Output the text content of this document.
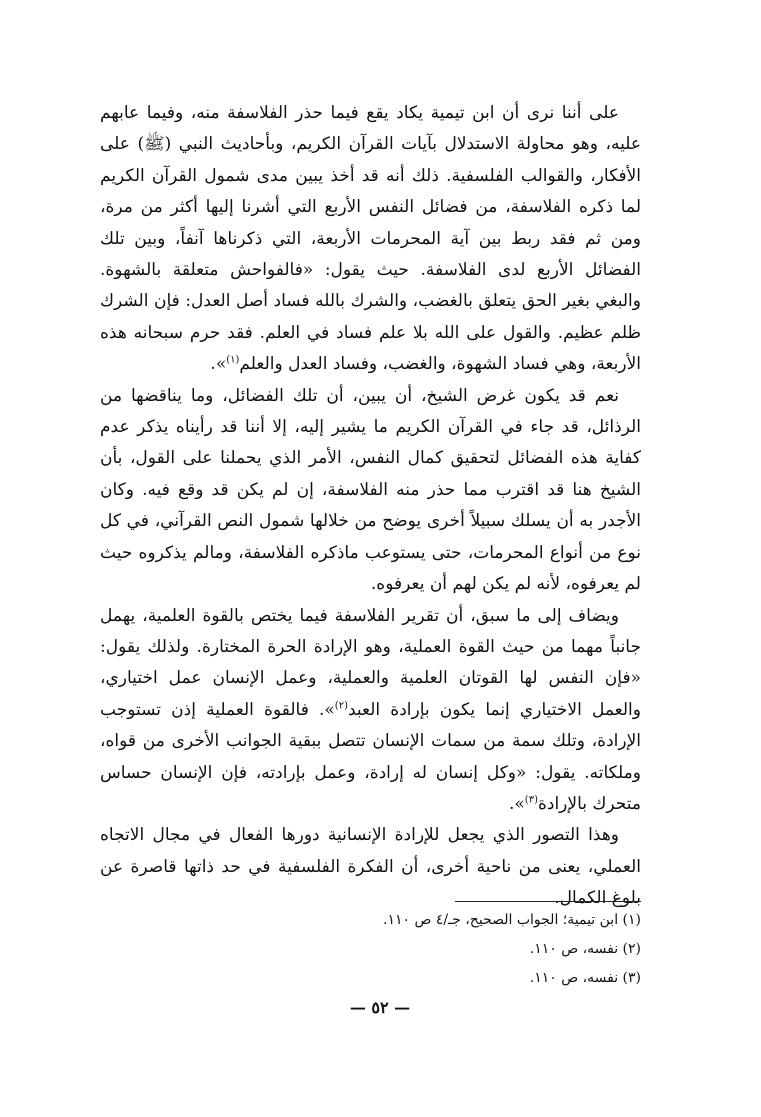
على أننا نرى أن ابن تيمية يكاد يقع فيما حذر الفلاسفة منه، وفيما عابهم عليه، وهو محاولة الاستدلال بآيات القرآن الكريم، وبأحاديث النبي (ﷺ) على الأفكار، والقوالب الفلسفية. ذلك أنه قد أخذ يبين مدى شمول القرآن الكريم لما ذكره الفلاسفة، من فضائل النفس الأربع التي أشرنا إليها أكثر من مرة، ومن ثم فقد ربط بين آية المحرمات الأربعة، التي ذكرناها آنفاً، وبين تلك الفضائل الأربع لدى الفلاسفة. حيث يقول: «فالفواحش متعلقة بالشهوة. والبغي بغير الحق يتعلق بالغضب، والشرك بالله فساد أصل العدل: فإن الشرك ظلم عظيم. والقول على الله بلا علم فساد في العلم. فقد حرم سبحانه هذه الأربعة، وهي فساد الشهوة، والغضب، وفساد العدل والعلم$^{(١)}$».

نعم قد يكون غرض الشيخ، أن يبين، أن تلك الفضائل، وما يناقضها من الرذائل، قد جاء في القرآن الكريم ما يشير إليه، إلا أننا قد رأيناه يذكر عدم كفاية هذه الفضائل لتحقيق كمال النفس، الأمر الذي يحملنا على القول، بأن الشيخ هنا قد اقترب مما حذر منه الفلاسفة، إن لم يكن قد وقع فيه. وكان الأجدر به أن يسلك سبيلاً أخرى يوضح من خلالها شمول النص القرآني، في كل نوع من أنواع المحرمات، حتى يستوعب ماذكره الفلاسفة، ومالم يذكروه حيث لم يعرفوه، لأنه لم يكن لهم أن يعرفوه.

ويضاف إلى ما سبق، أن تقرير الفلاسفة فيما يختص بالقوة العلمية، يهمل جانباً مهما من حيث القوة العملية، وهو الإرادة الحرة المختارة. ولذلك يقول: «فإن النفس لها القوتان العلمية والعملية، وعمل الإنسان عمل اختياري، والعمل الاختياري إنما يكون بإرادة العبد$^{(٢)}$». فالقوة العملية إذن تستوجب الإرادة، وتلك سمة من سمات الإنسان تتصل ببقية الجوانب الأخرى من قواه، وملكاته. يقول: «وكل إنسان له إرادة، وعمل بإرادته، فإن الإنسان حساس متحرك بالإرادة$^{(٣)}$».

وهذا التصور الذي يجعل للإرادة الإنسانية دورها الفعال في مجال الاتجاه العملي، يعنى من ناحية أخرى، أن الفكرة الفلسفية في حد ذاتها قاصرة عن بلوغ الكمال.

(١) ابن تيمية؛ الجواب الصحيح، جـ/٤ ص ١١٠.

(٢) نفسه، ص ١١٠.

(٣) نفسه، ص ١١٠.

— ٥٢ —
